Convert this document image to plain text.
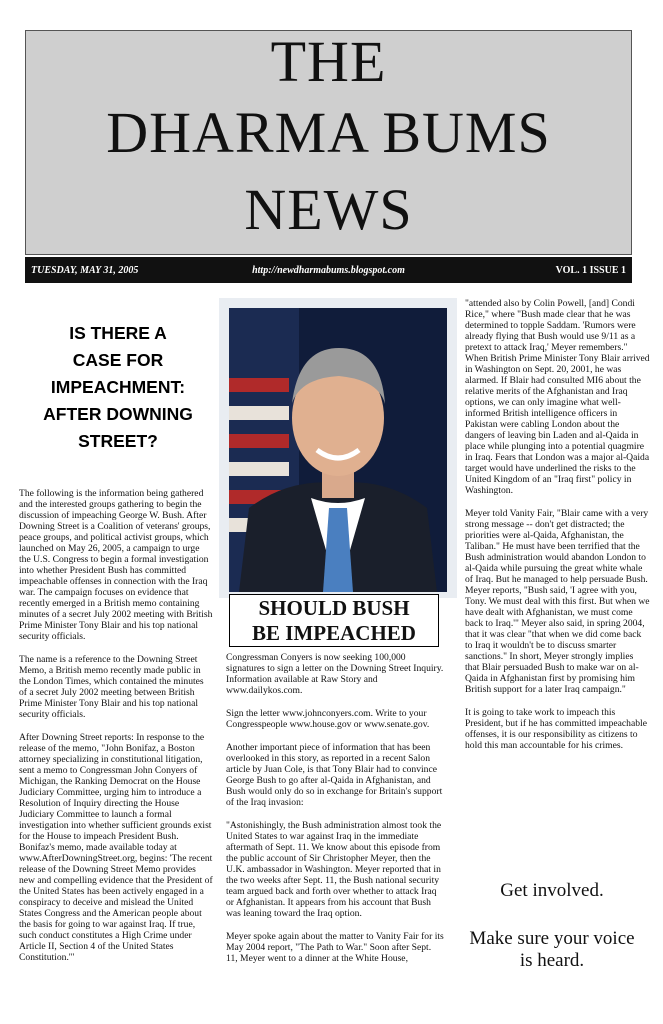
THE
DHARMA BUMS
NEWS
http://newdharmabums.blogspot.com
TUESDAY, MAY 31, 2005	VOL. 1 ISSUE 1
IS THERE A
CASE FOR
IMPEACHMENT:
AFTER DOWNING
STREET?

The following is the information being gathered and the interested groups gathering to begin the discussion of impeaching George W. Bush. After Downing Street is a Coalition of veterans' groups, peace groups, and political activist groups, which launched on May 26, 2005, a campaign to urge the U.S. Congress to begin a formal investigation into whether President Bush has committed impeachable offenses in connection with the Iraq war. The campaign focuses on evidence that recently emerged in a British memo containing minutes of a secret July 2002 meeting with British Prime Minister Tony Blair and his top national security officials.

The name is a reference to the Downing Street Memo, a British memo recently made public in the London Times, which contained the minutes of a secret July 2002 meeting between British Prime Minister Tony Blair and his top national security officials.

After Downing Street reports: In response to the release of the memo, "John Bonifaz, a Boston attorney specializing in constitutional litigation, sent a memo to Congressman John Conyers of Michigan, the Ranking Democrat on the House Judiciary Committee, urging him to introduce a Resolution of Inquiry directing the House Judiciary Committee to launch a formal investigation into whether sufficient grounds exist for the House to impeach President Bush. Bonifaz's memo, made available today at www.AfterDowningStreet.org, begins: 'The recent release of the Downing Street Memo provides new and compelling evidence that the President of the United States has been actively engaged in a conspiracy to deceive and mislead the United States Congress and the American people about the basis for going to war against Iraq. If true, such conduct constitutes a High Crime under Article II, Section 4 of the United States Constitution.'"

SHOULD BUSH
BE IMPEACHED

Congressman Conyers is now seeking 100,000 signatures to sign a letter on the Downing Street Inquiry. Information available at Raw Story and www.dailykos.com.

Sign the letter www.johnconyers.com. Write to your Congresspeople www.house.gov or www.senate.gov.

Another important piece of information that has been overlooked in this story, as reported in a recent Salon article by Juan Cole, is that Tony Blair had to convince George Bush to go after al-Qaida in Afghanistan, and Bush would only do so in exchange for Britain's support of the Iraq invasion:

"Astonishingly, the Bush administration almost took the United States to war against Iraq in the immediate aftermath of Sept. 11. We know about this episode from the public account of Sir Christopher Meyer, then the U.K. ambassador in Washington. Meyer reported that in the two weeks after Sept. 11, the Bush national security team argued back and forth over whether to attack Iraq or Afghanistan. It appears from his account that Bush was leaning toward the Iraq option.

Meyer spoke again about the matter to Vanity Fair for its May 2004 report, "The Path to War." Soon after Sept. 11, Meyer went to a dinner at the White House,

"attended also by Colin Powell, [and] Condi Rice," where "Bush made clear that he was determined to topple Saddam. 'Rumors were already flying that Bush would use 9/11 as a pretext to attack Iraq,' Meyer remembers." When British Prime Minister Tony Blair arrived in Washington on Sept. 20, 2001, he was alarmed. If Blair had consulted MI6 about the relative merits of the Afghanistan and Iraq options, we can only imagine what well-informed British intelligence officers in Pakistan were cabling London about the dangers of leaving bin Laden and al-Qaida in place while plunging into a potential quagmire in Iraq. Fears that London was a major al-Qaida target would have underlined the risks to the United Kingdom of an "Iraq first" policy in Washington.

Meyer told Vanity Fair, "Blair came with a very strong message -- don't get distracted; the priorities were al-Qaida, Afghanistan, the Taliban." He must have been terrified that the Bush administration would abandon London to al-Qaida while pursuing the great white whale of Iraq. But he managed to help persuade Bush. Meyer reports, "Bush said, 'I agree with you, Tony. We must deal with this first. But when we have dealt with Afghanistan, we must come back to Iraq.'" Meyer also said, in spring 2004, that it was clear "that when we did come back to Iraq it wouldn't be to discuss smarter sanctions." In short, Meyer strongly implies that Blair persuaded Bush to make war on al-Qaida in Afghanistan first by promising him British support for a later Iraq campaign."

It is going to take work to impeach this President, but if he has committed impeachable offenses, it is our responsibility as citizens to hold this man accountable for his crimes.

Get involved.
Make sure your voice is heard.
